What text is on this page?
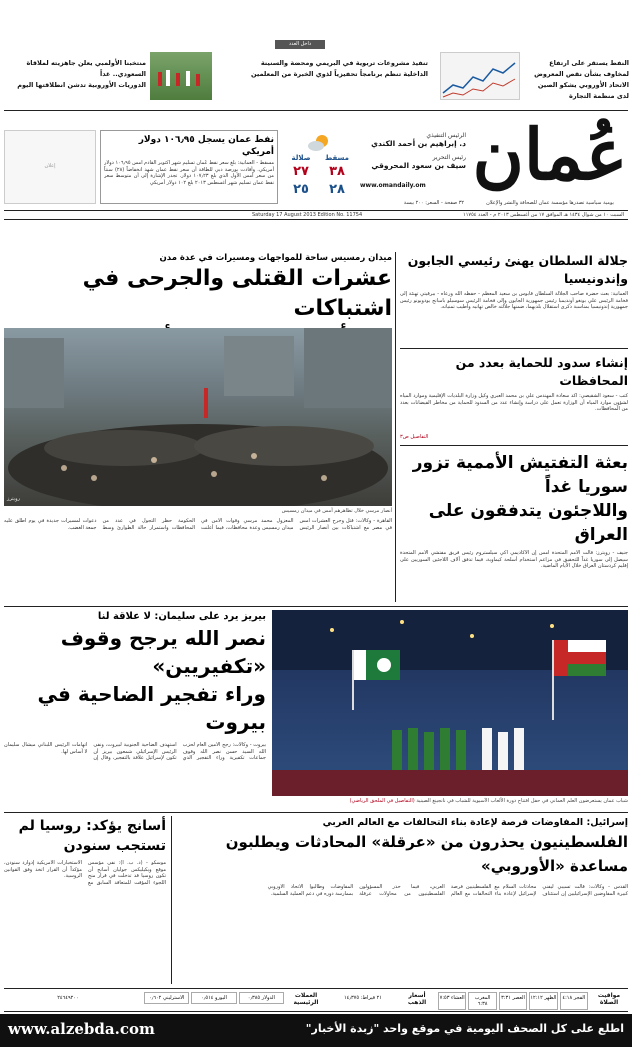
داخل العدد
النفط يستقر على ارتفاع لمخاوف بشأن نقص المعروض
الاتحاد الأوروبي يشكو الصين لدى منظمة التجارة
تنفيذ مشروعات تربوية في البريمي ومحضة والسنينة
الداخلية تنظم برنامجاً تحفيزياً لذوي الخبرة من المعلمين
منتخبنا الأولمبي يعلن جاهزيته لملاقاة السعودي.. غداً
الدوريات الأوروبية تدشن انطلاقتها اليوم
عُمان
يومية سياسية تصدرها مؤسسة عمان للصحافة والنشر والإعلان
٣٢ صفحة - السعر: ٢٠٠ بيسة
الرئيس التنفيذي
د. إبراهيم بن أحمد الكندي
رئيس التحرير
سيف بن سعود المحروقي
www.omandaily.om
مسقط
صلالة
٣٨
٢٧
٢٨
٢٥
نفط عمان يسجل ١٠٦٫٩٥ دولار أمريكي
مسقط - العمانية: بلغ سعر نفط عُمان تسليم شهر أكتوبر القادم أمس ١٠٦٫٩٥ دولار أمريكي. وأفادت بورصة دبي للطاقة أن سعر نفط عمان شهد انخفاضاً (٢٨) سنتاً من سعر أمس الأول الذي بلغ ١٠٧٫٢٣ دولار. تجدر الإشارة إلى أن متوسط سعر نفط عمان تسليم شهر أغسطس ٢٠١٣ بلغ ١٠٢ دولار أمريكي
إعلان
السبت ١٠ من شوال ١٤٣٤ هـ الموافق ١٧ من أغسطس ٢٠١٣ م - العدد ١١٧٥٤
Saturday 17 August 2013 Edition No. 11754
جلالة السلطان يهنئ رئيسي الجابون وإندونيسيا
العمانية: بعث حضرة صاحب الجلالة السلطان قابوس بن سعيد المعظم - حفظه الله ورعاه - ببرقيتي تهنئة إلى فخامة الرئيس علي بونغو أونديمبا رئيس جمهورية الجابون وإلى فخامة الرئيس سوسيلو بامبانج يودويونو رئيس جمهورية إندونيسيا بمناسبة ذكرى استقلال بلديهما، ضمنها جلالته خالص تهانيه وأطيب تمنياته.
إنشاء سدود للحماية بعدد من المحافظات
كتب - سعود الشقيصي: أكد سعادة المهندس علي بن محمد العبري وكيل وزارة البلديات الإقليمية وموارد المياه لشؤون موارد المياه أن الوزارة تعمل على دراسة وإنشاء عدد من السدود للحماية من مخاطر الفيضانات بعدد من المحافظات.
التفاصيل ص٣
بعثة التفتيش الأممية تزور سوريا غداً
واللاجئون يتدفقون على العراق
جنيف - رويترز: قالت الأمم المتحدة أمس إن الأكاديمي آكي سيلستروم رئيس فريق مفتشي الأمم المتحدة سيصل إلى سوريا غداً للتحقيق في مزاعم استخدام أسلحة كيماوية، فيما تدفق آلاف اللاجئين السوريين على إقليم كردستان العراق خلال الأيام الماضية.
ميدان رمسيس ساحة للمواجهات ومسيرات في عدة مدن
عشرات القتلى والجرحى في اشتباكات
رويترز
أنصار مرسي خلال تظاهرهم أمس في ميدان رمسيس
القاهرة - وكالات: قتل وجرح العشرات أمس في مصر مع اشتباكات بين أنصار الرئيس المعزول محمد مرسي وقوات الأمن في ميدان رمسيس وعدة محافظات، فيما أعلنت الحكومة حظر التجول في عدد من المحافظات واستمرار حالة الطوارئ وسط دعوات لمسيرات جديدة في يوم أطلق عليه جمعة الغضب.
بيريز يرد على سليمان: لا علاقة لنا
نصر الله يرجح وقوف «تكفيريين»
وراء تفجير الضاحية في بيروت
بيروت - وكالات: رجح الأمين العام لحزب الله السيد حسن نصر الله وقوف جماعات تكفيرية وراء التفجير الذي استهدف الضاحية الجنوبية لبيروت، ونفى الرئيس الإسرائيلي شمعون بيريز أن تكون لإسرائيل علاقة بالتفجير، وقال إن اتهامات الرئيس اللبناني ميشال سليمان لا أساس لها.
شباب عمان يستعرضون العلم العماني في حفل افتتاح دورة الألعاب الآسيوية للشباب في نانجينغ الصينية (التفاصيل في الملحق الرياضي)
إسرائيل: المفاوضات فرصة لإعادة بناء التحالفات مع العالم العربي
الفلسطينيون يحذرون من «عرقلة» المحادثات ويطلبون مساعدة «الأوروبي»
القدس - وكالات: قالت تسيبي ليفني كبيرة المفاوضين الإسرائيليين إن استئناف محادثات السلام مع الفلسطينيين فرصة لإسرائيل لإعادة بناء التحالفات مع العالم العربي، فيما حذر المسؤولون الفلسطينيون من محاولات عرقلة المفاوضات وطالبوا الاتحاد الأوروبي بممارسة دوره في دعم العملية السلمية.
أسانج يؤكد: روسيا لم
تستجب سنودن
موسكو - (د. ب. أ): نفى مؤسس موقع ويكيليكس جوليان أسانج أن تكون روسيا قد تدخلت في قرار منح اللجوء المؤقت للمتعاقد السابق مع الاستخبارات الأمريكية إدوارد سنودن، مؤكداً أن القرار اتخذ وفق القوانين الروسية.
مواقيت الصلاة
الفجر ٤:١٨
الظهر ١٢:١٢
العصر ٣:٣١
المغرب ٦:٣٨
العشاء ٧:٥٣
أسعار الذهب
٢١ قيراط: ١٤٫٣٧٥
العملات الرئيسية
الدولار ٠٫٣٨٥
اليورو ٠٫٥١٤
الاسترليني ٠٫٦٠٢
٢٤٦٤٩٢٠٠
اطلع على كل الصحف اليومية في موقع واحد "زبدة الأخبار"
www.alzebda.com
